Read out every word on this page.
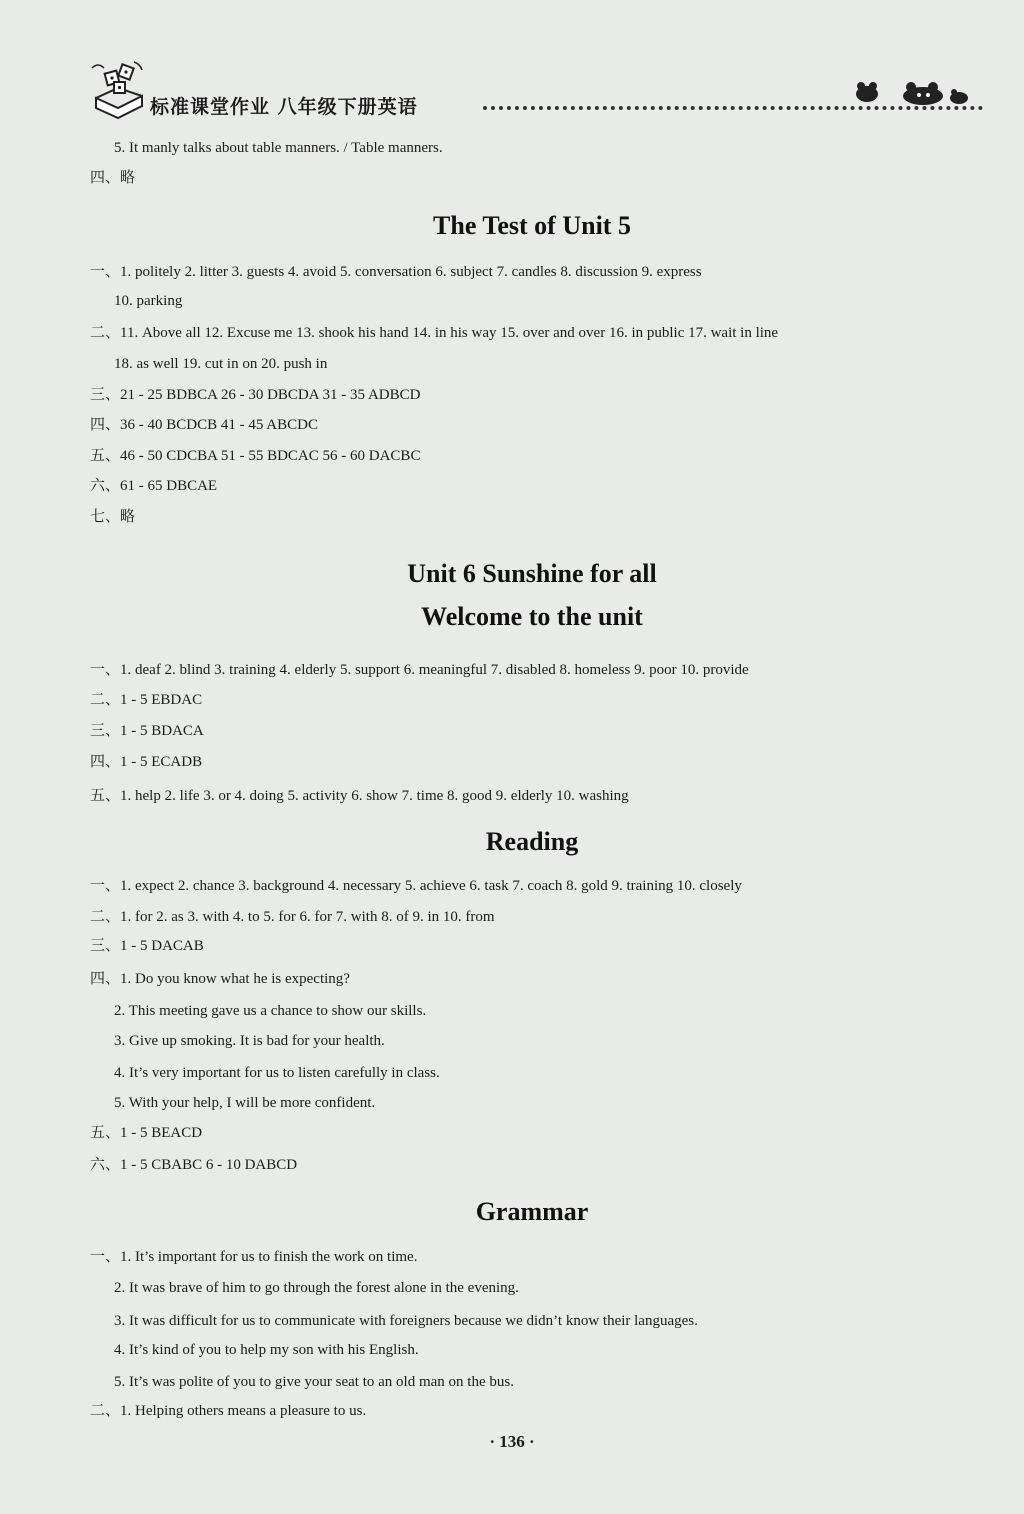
标准课堂作业 八年级下册英语
5. It manly talks about table manners. / Table manners.
四、略
The Test of Unit 5
一、1. politely 2. litter 3. guests 4. avoid 5. conversation 6. subject 7. candles 8. discussion 9. express
10. parking
二、11. Above all 12. Excuse me 13. shook his hand 14. in his way 15. over and over 16. in public 17. wait in line
18. as well 19. cut in on 20. push in
三、21 - 25 BDBCA 26 - 30 DBCDA 31 - 35 ADBCD
四、36 - 40 BCDCB 41 - 45 ABCDC
五、46 - 50 CDCBA 51 - 55 BDCAC 56 - 60 DACBC
六、61 - 65 DBCAE
七、略
Unit 6 Sunshine for all
Welcome to the unit
一、1. deaf 2. blind 3. training 4. elderly 5. support 6. meaningful 7. disabled 8. homeless 9. poor 10. provide
二、1 - 5 EBDAC
三、1 - 5 BDACA
四、1 - 5 ECADB
五、1. help 2. life 3. or 4. doing 5. activity 6. show 7. time 8. good 9. elderly 10. washing
Reading
一、1. expect 2. chance 3. background 4. necessary 5. achieve 6. task 7. coach 8. gold 9. training 10. closely
二、1. for 2. as 3. with 4. to 5. for 6. for 7. with 8. of 9. in 10. from
三、1 - 5 DACAB
四、1. Do you know what he is expecting?
2. This meeting gave us a chance to show our skills.
3. Give up smoking. It is bad for your health.
4. It’s very important for us to listen carefully in class.
5. With your help, I will be more confident.
五、1 - 5 BEACD
六、1 - 5 CBABC 6 - 10 DABCD
Grammar
一、1. It’s important for us to finish the work on time.
2. It was brave of him to go through the forest alone in the evening.
3. It was difficult for us to communicate with foreigners because we didn’t know their languages.
4. It’s kind of you to help my son with his English.
5. It’s was polite of you to give your seat to an old man on the bus.
二、1. Helping others means a pleasure to us.
· 136 ·
